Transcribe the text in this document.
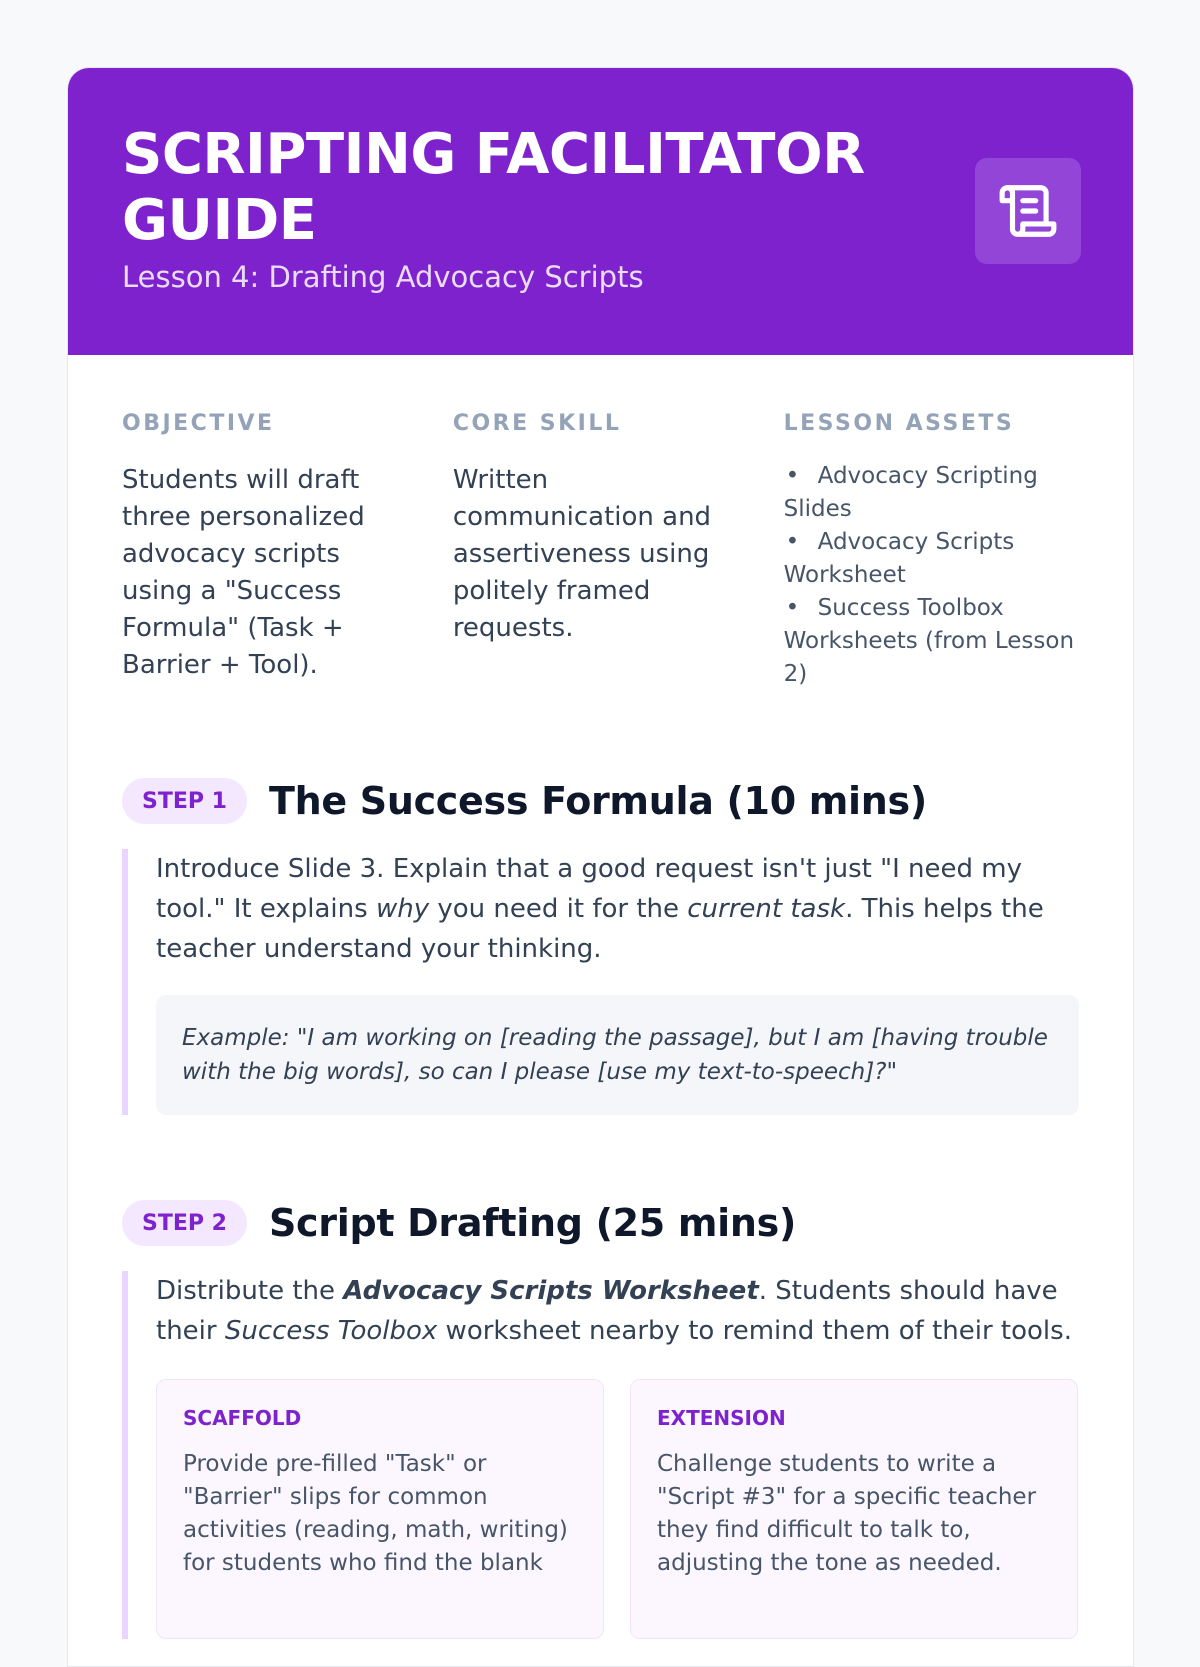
SCRIPTING FACILITATOR GUIDE
Lesson 4: Drafting Advocacy Scripts
OBJECTIVE
Students will draft three personalized advocacy scripts using a "Success Formula" (Task + Barrier + Tool).
CORE SKILL
Written communication and assertiveness using politely framed requests.
LESSON ASSETS
• Advocacy Scripting Slides
• Advocacy Scripts Worksheet
• Success Toolbox Worksheets (from Lesson 2)
STEP 1	The Success Formula (10 mins)

Introduce Slide 3. Explain that a good request isn't just "I need my tool." It explains why you need it for the current task. This helps the teacher understand your thinking.

Example: "I am working on [reading the passage], but I am [having trouble with the big words], so can I please [use my text-to-speech]?"
STEP 2	Script Drafting (25 mins)

Distribute the Advocacy Scripts Worksheet. Students should have their Success Toolbox worksheet nearby to remind them of their tools.

SCAFFOLD
Provide pre-filled "Task" or "Barrier" slips for common activities (reading, math, writing) for students who find the blank
EXTENSION
Challenge students to write a "Script #3" for a specific teacher they find difficult to talk to, adjusting the tone as needed.
